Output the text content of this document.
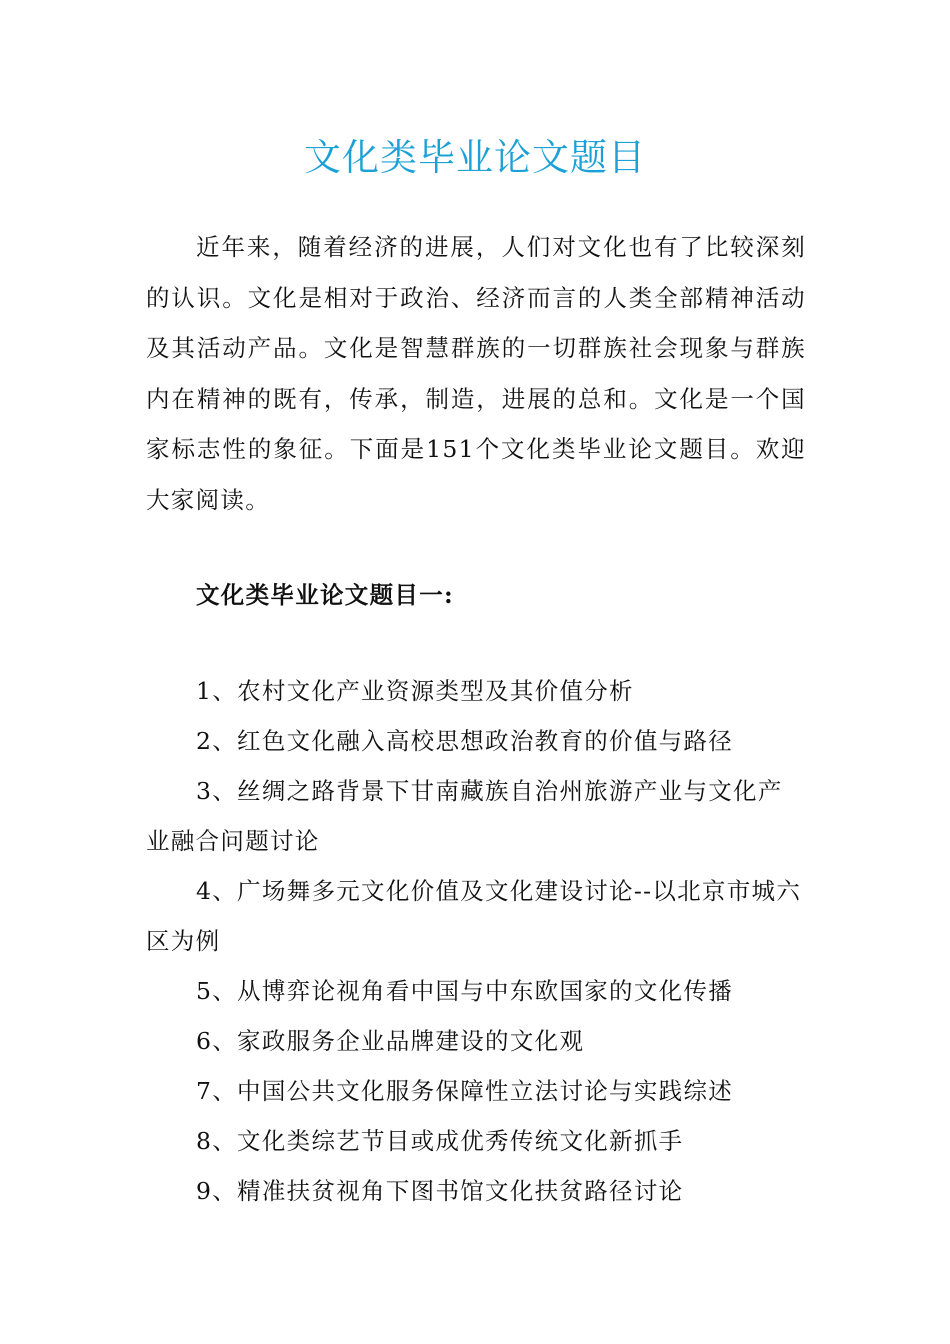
文化类毕业论文题目

近年来，随着经济的进展，人们对文化也有了比较深刻的认识。文化是相对于政治、经济而言的人类全部精神活动及其活动产品。文化是智慧群族的一切群族社会现象与群族内在精神的既有，传承，制造，进展的总和。文化是一个国家标志性的象征。下面是151个文化类毕业论文题目。欢迎大家阅读。

文化类毕业论文题目一:
1、农村文化产业资源类型及其价值分析
2、红色文化融入高校思想政治教育的价值与路径
3、丝绸之路背景下甘南藏族自治州旅游产业与文化产业融合问题讨论
4、广场舞多元文化价值及文化建设讨论--以北京市城六区为例
5、从博弈论视角看中国与中东欧国家的文化传播
6、家政服务企业品牌建设的文化观
7、中国公共文化服务保障性立法讨论与实践综述
8、文化类综艺节目或成优秀传统文化新抓手
9、精准扶贫视角下图书馆文化扶贫路径讨论
